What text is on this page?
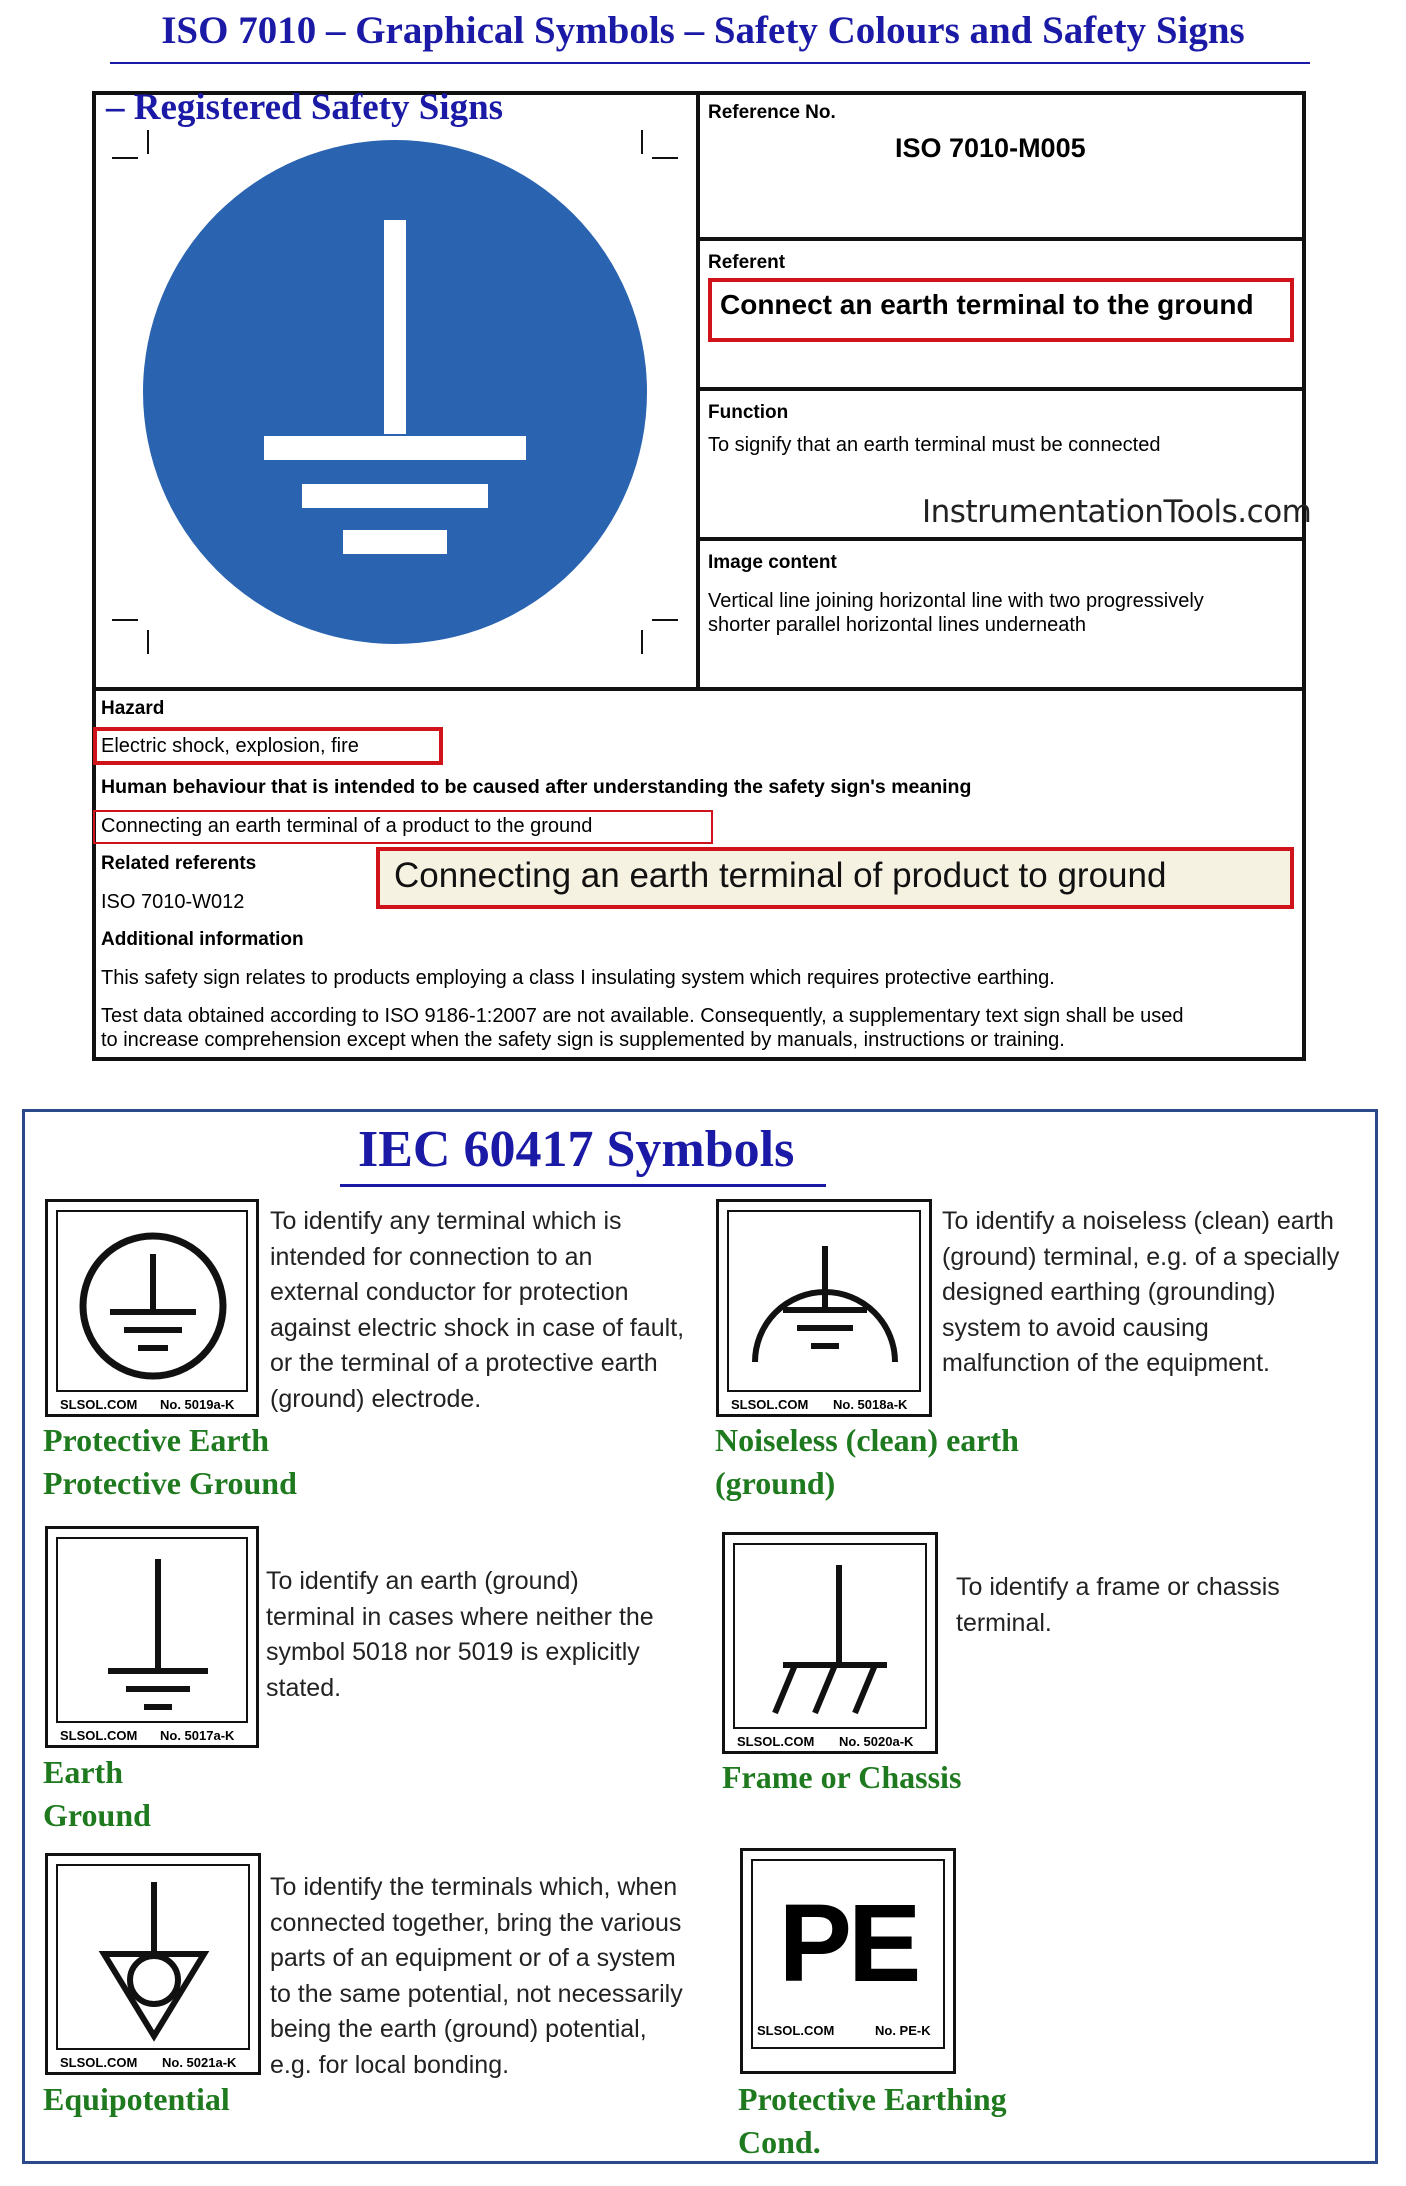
ISO 7010 – Graphical Symbols – Safety Colours and Safety Signs
– Registered Safety Signs	Reference No.
ISO 7010-M005
Referent
Connect an earth terminal to the ground
Function
To signify that an earth terminal must be connected
InstrumentationTools.com
Image content
Vertical line joining horizontal line with two progressively
shorter parallel horizontal lines underneath
Hazard
Electric shock, explosion, fire
Human behaviour that is intended to be caused after understanding the safety sign's meaning
Connecting an earth terminal of a product to the ground
Connecting an earth terminal of product to ground
Related referents
ISO 7010-W012
Additional information
This safety sign relates to products employing a class I insulating system which requires protective earthing.
Test data obtained according to ISO 9186-1:2007 are not available. Consequently, a supplementary text sign shall be used
to increase comprehension except when the safety sign is supplemented by manuals, instructions or training.
IEC 60417 Symbols
SLSOL.COM No. 5019a-K
To identify any terminal which is
intended for connection to an
external conductor for protection
against electric shock in case of fault,
or the terminal of a protective earth
(ground) electrode.
Protective Earth
Protective Ground
SLSOL.COM No. 5018a-K
To identify a noiseless (clean) earth
(ground) terminal, e.g. of a specially
designed earthing (grounding)
system to avoid causing
malfunction of the equipment.
Noiseless (clean) earth
(ground)
SLSOL.COM No. 5017a-K
To identify an earth (ground)
terminal in cases where neither the
symbol 5018 nor 5019 is explicitly
stated.
Earth
Ground
SLSOL.COM No. 5020a-K
To identify a frame or chassis
terminal.
Frame or Chassis
SLSOL.COM No. 5021a-K
To identify the terminals which, when
connected together, bring the various
parts of an equipment or of a system
to the same potential, not necessarily
being the earth (ground) potential,
e.g. for local bonding.
Equipotential
PE
SLSOL.COM	No. PE-K
Protective Earthing
Cond.
